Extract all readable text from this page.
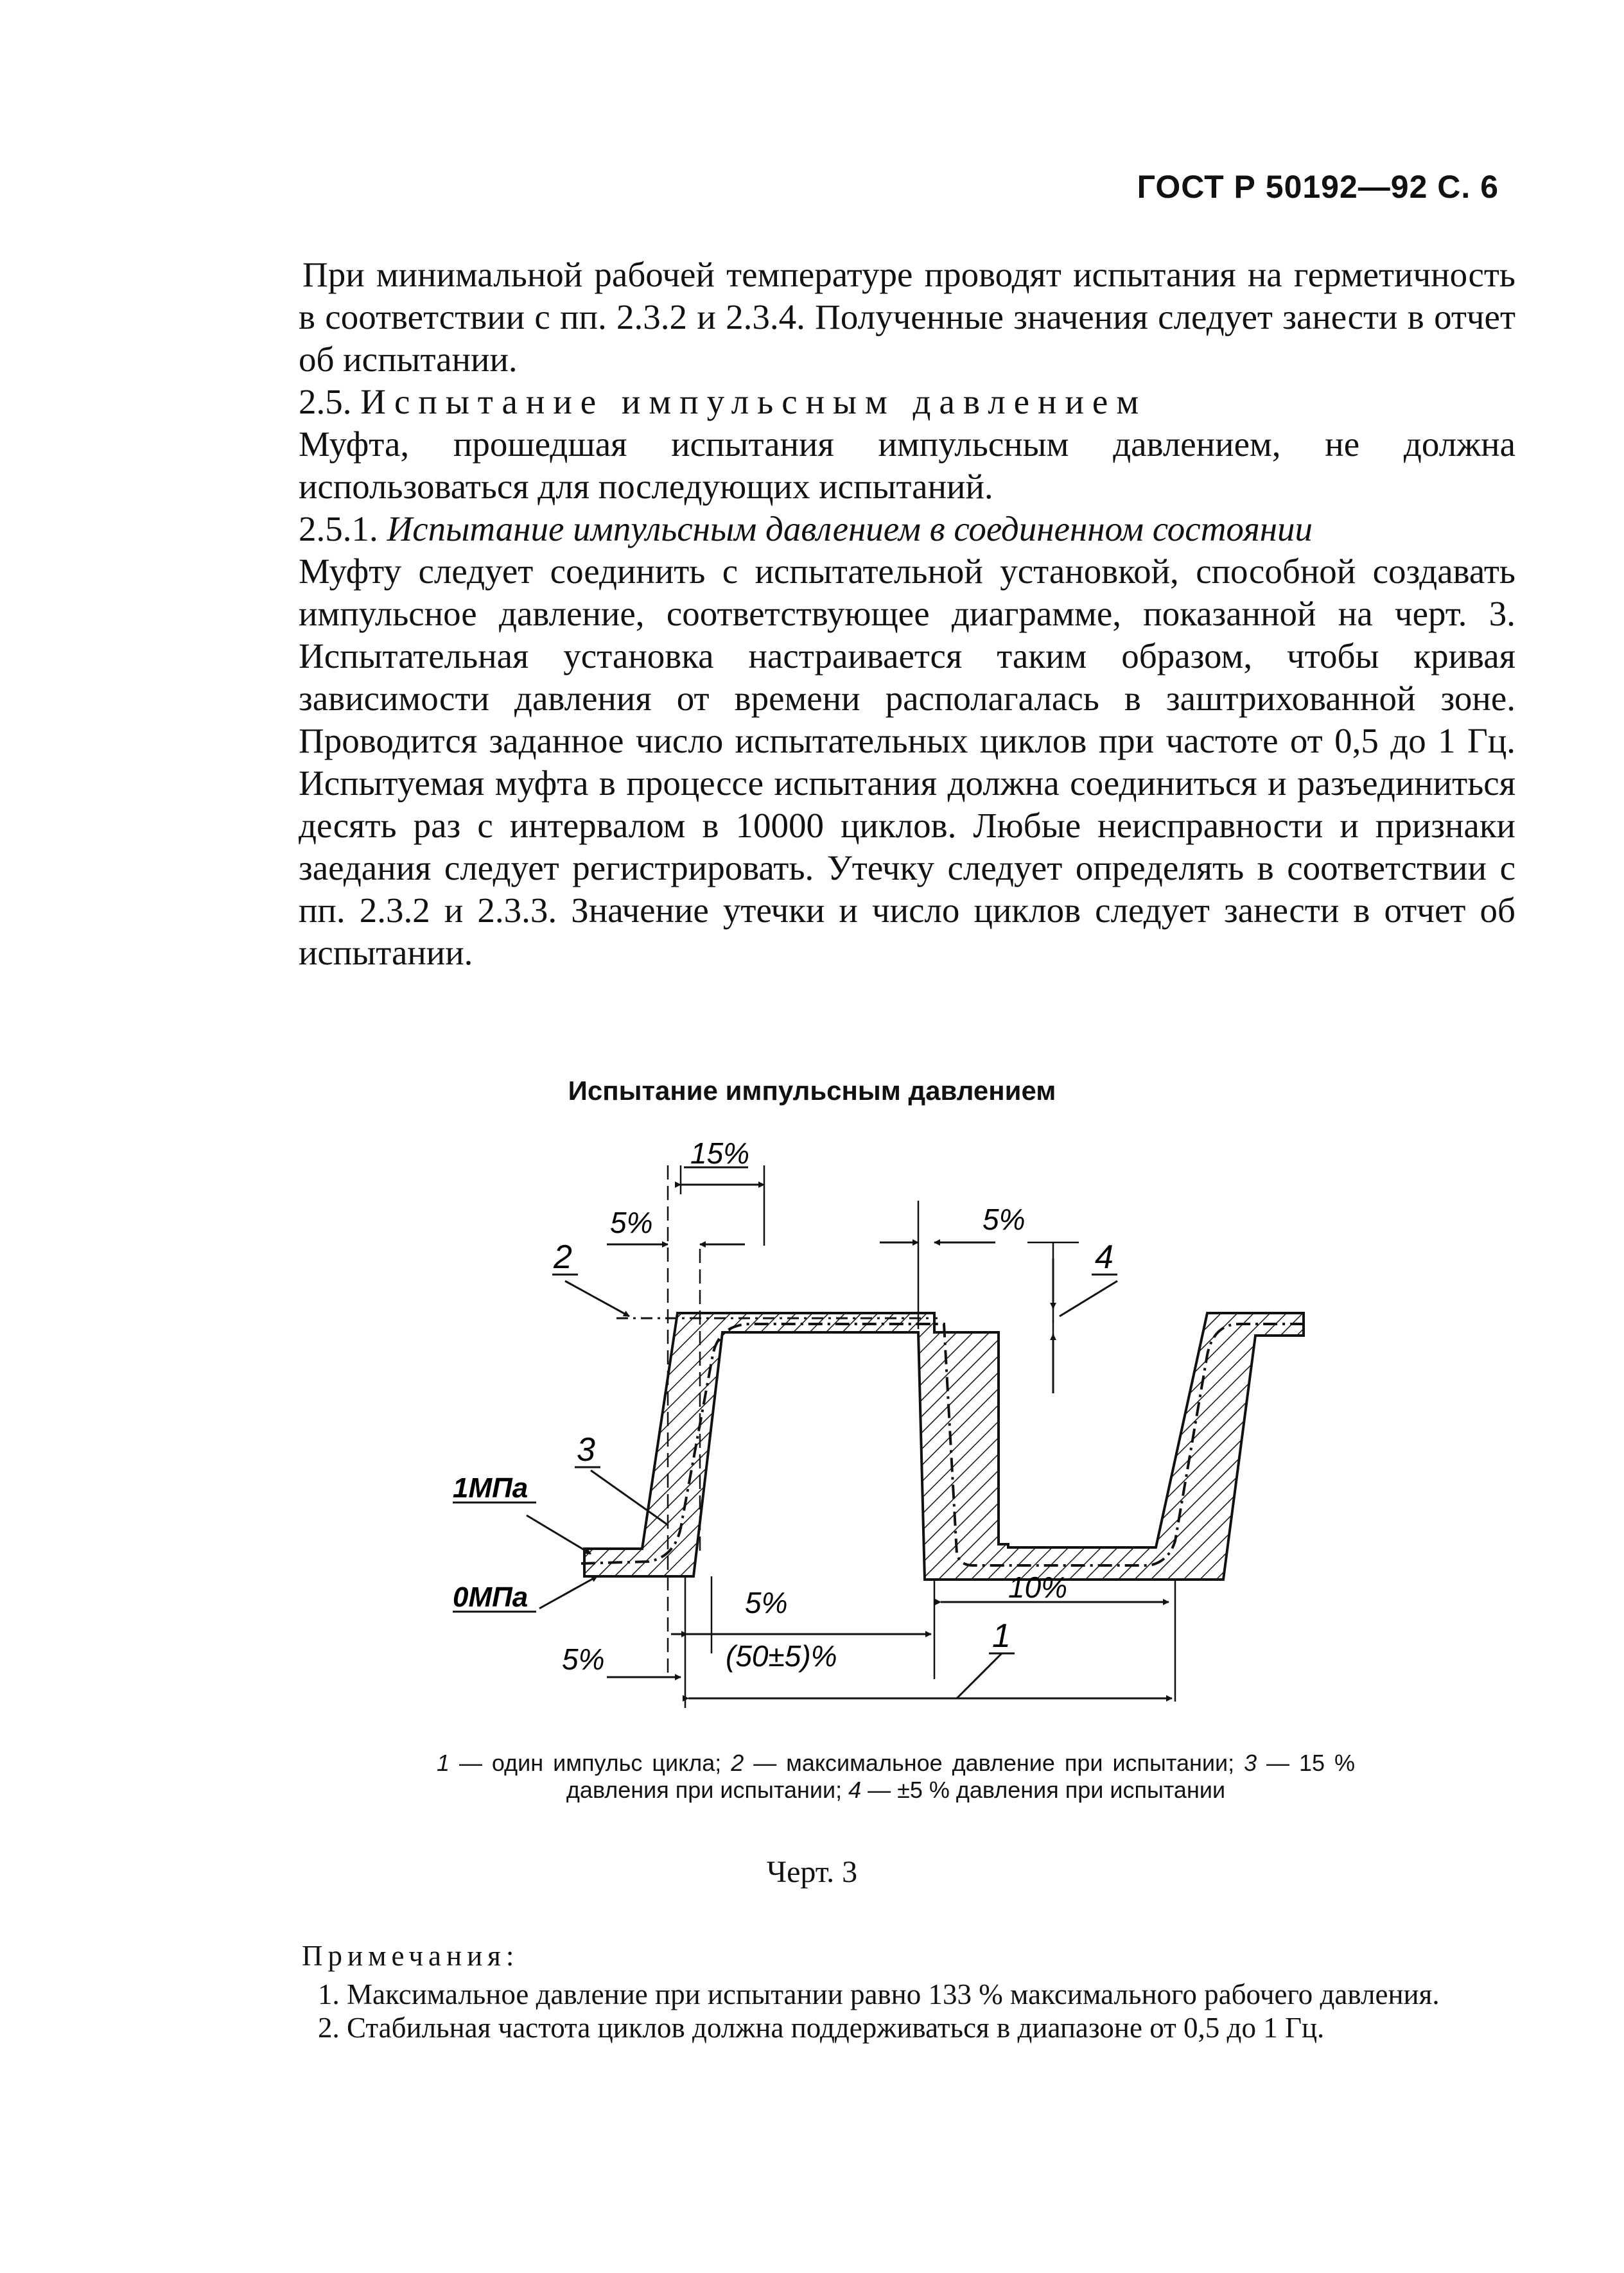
ГОСТ Р 50192—92 С. 6

При минимальной рабочей температуре проводят испытания на герметичность в соответствии с пп. 2.3.2 и 2.3.4. Полученные значения следует занести в отчет об испытании.

2.5. Испытание импульсным давлением

Муфта, прошедшая испытания импульсным давлением, не должна использоваться для последующих испытаний.

2.5.1. Испытание импульсным давлением в соединенном состоянии

Муфту следует соединить с испытательной установкой, способной создавать импульсное давление, соответствующее диаграмме, показанной на черт. 3. Испытательная установка настраивается таким образом, чтобы кривая зависимости давления от времени располагалась в заштрихованной зоне. Проводится заданное число испытательных циклов при частоте от 0,5 до 1 Гц. Испытуемая муфта в процессе испытания должна соединиться и разъединиться десять раз с интервалом в 10000 циклов. Любые неисправности и признаки заедания следует регистрировать. Утечку следует определять в соответствии с пп. 2.3.2 и 2.3.3. Значение утечки и число циклов следует занести в отчет об испытании.

Испытание импульсным давлением
15%
5%	5%
2	4
3
1МПа
0МПа	5%	10%
(50±5)%
5%
1
1 — один импульс цикла; 2 — максимальное давление при испытании; 3 — 15 % давления при испытании; 4 — ±5 % давления при испытании
Черт. 3

Примечания:

1. Максимальное давление при испытании равно 133 % максимального рабочего давления.

2. Стабильная частота циклов должна поддерживаться в диапазоне от 0,5 до 1 Гц.
